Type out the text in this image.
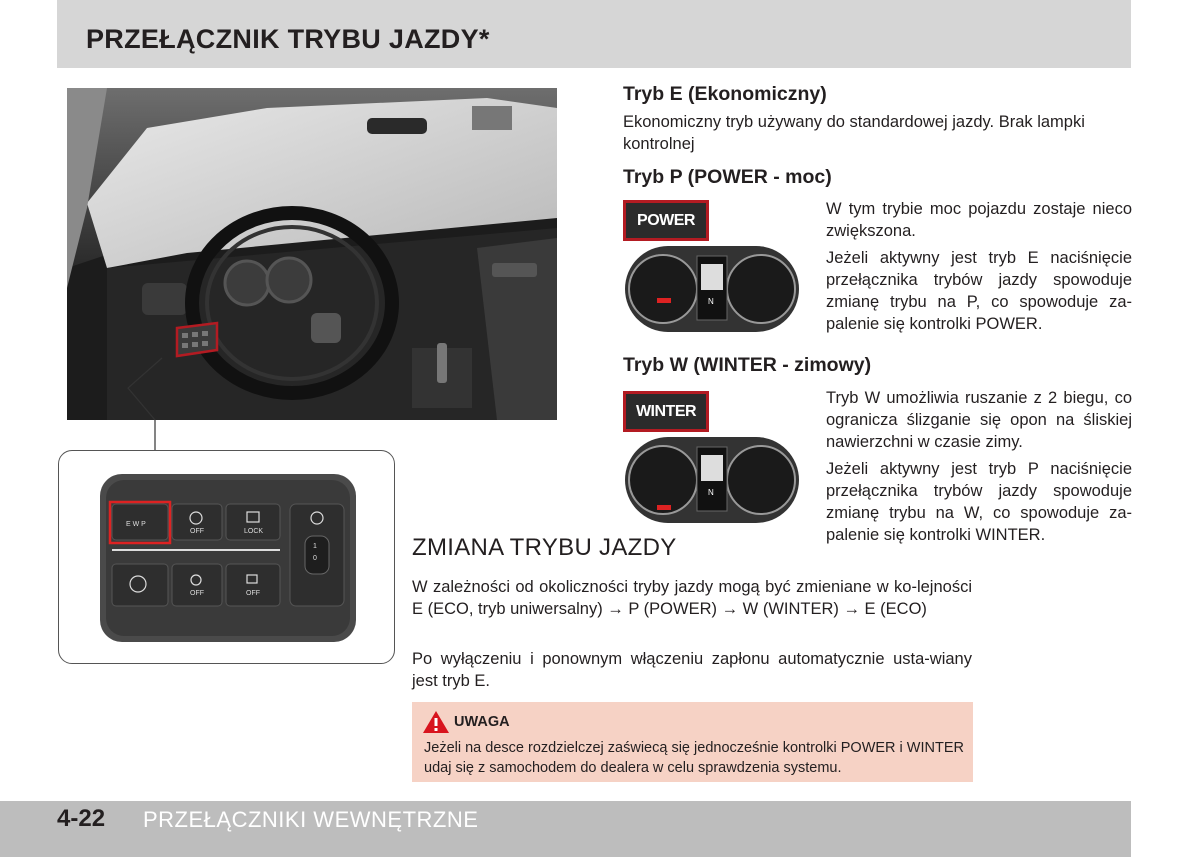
PRZEŁĄCZNIK TRYBU JAZDY*
E W P
OFF	LOCK
OFF	OFF
1
0
Tryb E (Ekonomiczny)

Ekonomiczny tryb używany do standardowej jazdy. Brak lampki kontrolnej

Tryb P (POWER - moc)
POWER
N

W tym trybie moc pojazdu zostaje nieco zwiększona.

Jeżeli aktywny jest tryb E naciśnięcie przełącznika trybów jazdy spowoduje zmianę trybu na P, co spowoduje za-palenie się kontrolki POWER.

Tryb W (WINTER - zimowy)
WINTER
N

Tryb W umożliwia ruszanie z 2 biegu, co ogranicza ślizganie się opon na śliskiej nawierzchni w czasie zimy.

Jeżeli aktywny jest tryb P naciśnięcie przełącznika trybów jazdy spowoduje zmianę trybu na W, co spowoduje za-palenie się kontrolki WINTER.

ZMIANA TRYBU JAZDY

W zależności od okoliczności tryby jazdy mogą być zmieniane w ko-lejności E (ECO, tryb uniwersalny) → P (POWER) → W (WINTER) → E (ECO)

Po wyłączeniu i ponownym włączeniu zapłonu automatycznie usta-wiany jest tryb E.

UWAGA
Jeżeli na desce rozdzielczej zaświecą się jednocześnie kontrolki POWER i WINTER udaj się z samochodem do dealera w celu sprawdzenia systemu.
4-22 PRZEŁĄCZNIKI WEWNĘTRZNE
